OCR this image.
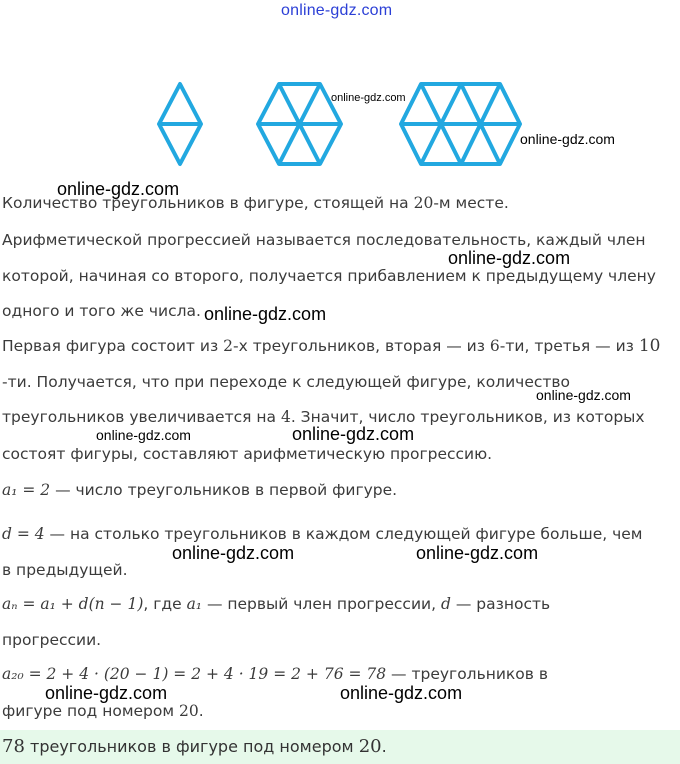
online-gdz.com
online-gdz.com
online-gdz.com
Количество треугольников в фигуре, стоящей на 20-м месте.
online-gdz.com
Арифметической прогрессией называется последовательность, каждый член
которой, начиная со второго, получается прибавлением к предыдущему члену
online-gdz.com
одного и того же числа. online-gdz.com
Первая фигура состоит из 2-х треугольников, вторая — из 6-ти, третья — из 10
-ти. Получается, что при переходе к следующей фигуре, количество
треугольников увеличивается на 4. Значит, число треугольников, из которых
online-gdz.com
online-gdz.com	online-gdz.com
состоят фигуры, составляют арифметическую прогрессию.
a₁ = 2 — число треугольников в первой фигуре.
d = 4 — на столько треугольников в каждом следующей фигуре больше, чем
online-gdz.com	online-gdz.com
в предыдущей.
aₙ = a₁ + d(n − 1), где a₁ — первый член прогрессии, d — разность
прогрессии.
a₂₀ = 2 + 4 · (20 − 1) = 2 + 4 · 19 = 2 + 76 = 78 — треугольников в
online-gdz.com	online-gdz.com
фигуре под номером 20.
78 треугольников в фигуре под номером 20.
